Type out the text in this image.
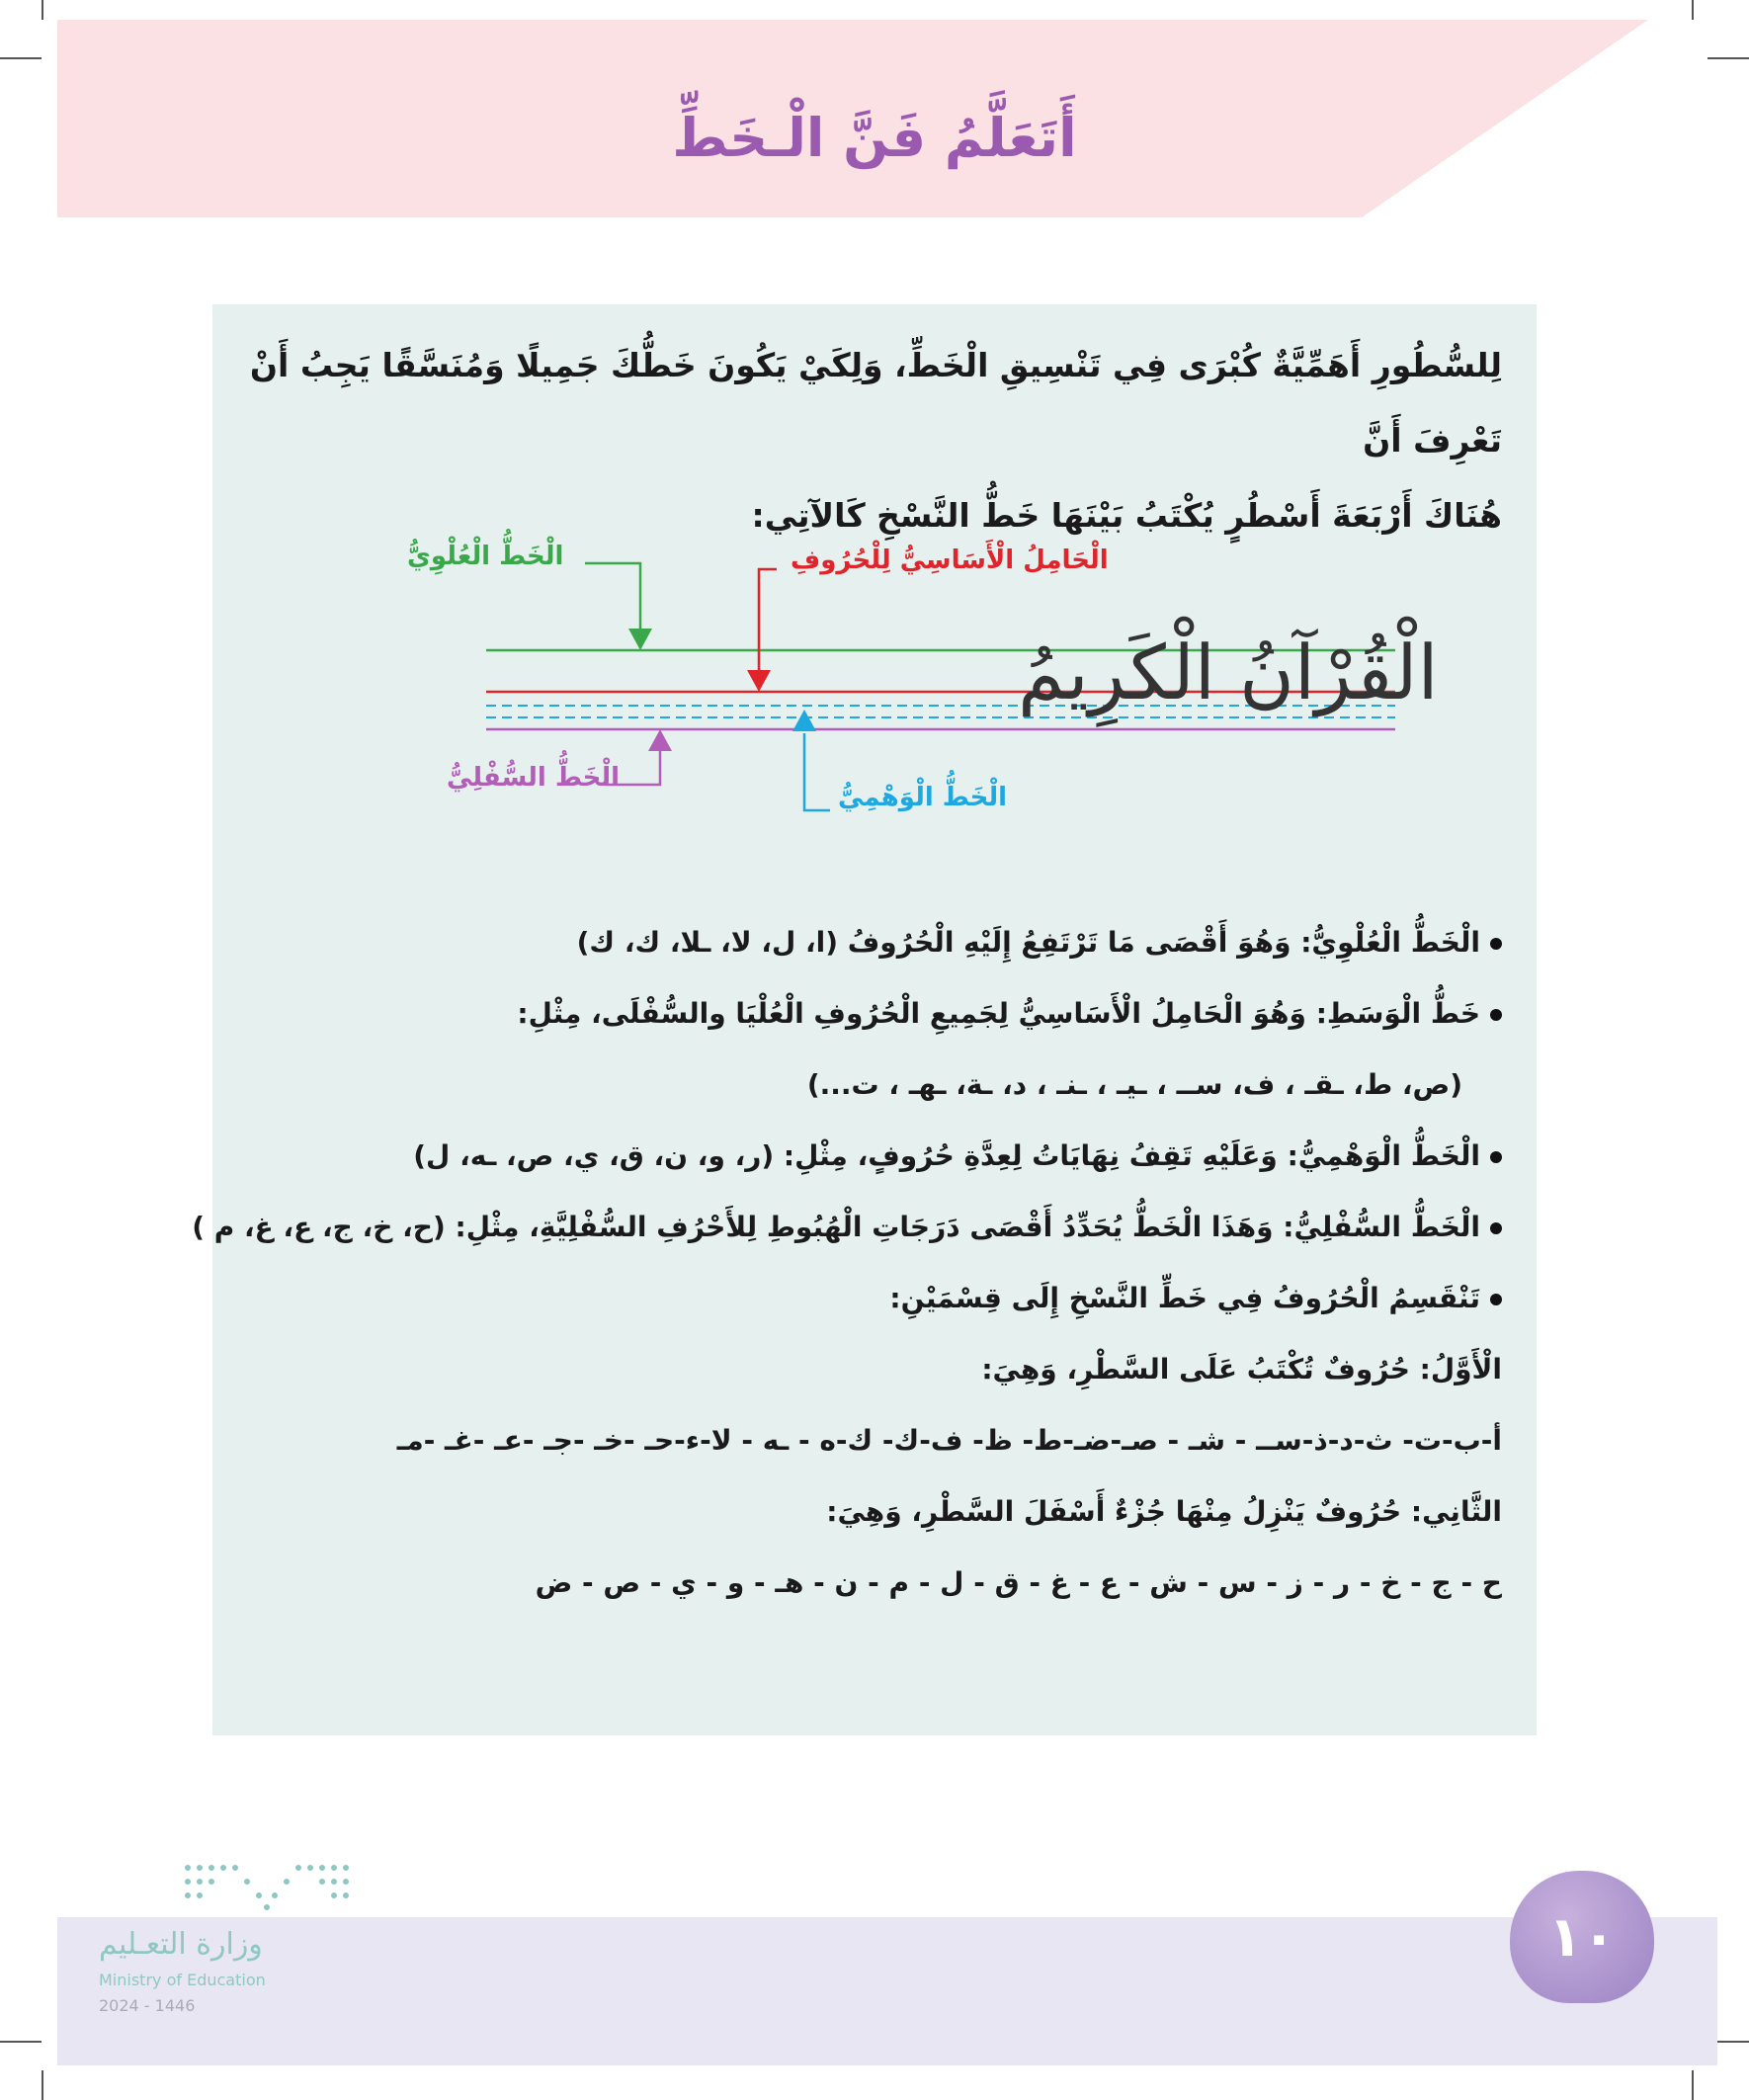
أَتَعَلَّمُ فَنَّ الْـخَطِّ
لِلسُّطُورِ أَهَمِّيَّةٌ كُبْرَى فِي تَنْسِيقِ الْخَطِّ، وَلِكَيْ يَكُونَ خَطُّكَ جَمِيلًا وَمُنَسَّقًا يَجِبُ أَنْ تَعْرِفَ أَنَّ
هُنَاكَ أَرْبَعَةَ أَسْطُرٍ يُكْتَبُ بَيْنَهَا خَطُّ النَّسْخِ كَالآتِي:
الْقُرْآنُ الْكَرِيمُ
الْخَطُّ الْعُلْوِيُّ	الْحَامِلُ الْأَسَاسِيُّ لِلْحُرُوفِ
الْخَطُّ السُّفْلِيُّ
الْخَطُّ الْوَهْمِيُّ
الْخَطُّ الْعُلْوِيُّ: وَهُوَ أَقْصَى مَا تَرْتَفِعُ إِلَيْهِ الْحُرُوفُ (ا، ل، لا، ـلا، ك، ك)
خَطُّ الْوَسَطِ: وَهُوَ الْحَامِلُ الْأَسَاسِيُّ لِجَمِيعِ الْحُرُوفِ الْعُلْيَا والسُّفْلَى، مِثْلِ:
(ص، ط، ـقـ ، ف، ســ ، ـيـ ، ـنـ ، د، ـة، ـهـ ، ت...)
الْخَطُّ الْوَهْمِيُّ: وَعَلَيْهِ تَقِفُ نِهَايَاتُ لِعِدَّةِ حُرُوفٍ، مِثْلِ: (ر، و، ن، ق، ي، ص، ـه، ل)
الْخَطُّ السُّفْلِيُّ: وَهَذَا الْخَطُّ يُحَدِّدُ أَقْصَى دَرَجَاتِ الْهُبُوطِ لِلأَحْرُفِ السُّفْلِيَّةِ، مِثْلِ: (ح، خ، ج، ع، غ، م )
تَنْقَسِمُ الْحُرُوفُ فِي خَطِّ النَّسْخِ إِلَى قِسْمَيْنِ:
الْأَوَّلُ: حُرُوفٌ تُكْتَبُ عَلَى السَّطْرِ، وَهِيَ:
أ-ب-ت- ث-د-ذ-ســ - شـ - صـ-ضـ-ط- ظ- ف-ك- ك-ه - ـه - لا-ء-حـ -خـ -جـ -عـ -غـ -مـ
الثَّانِي: حُرُوفٌ يَنْزِلُ مِنْهَا جُزْءٌ أَسْفَلَ السَّطْرِ، وَهِيَ:
ح - ج - خ - ر - ز - س - ش - ع - غ - ق - ل - م - ن - هـ - و - ي - ص - ض
١٠
وزارة التعـليم
Ministry of Education
2024 - 1446
